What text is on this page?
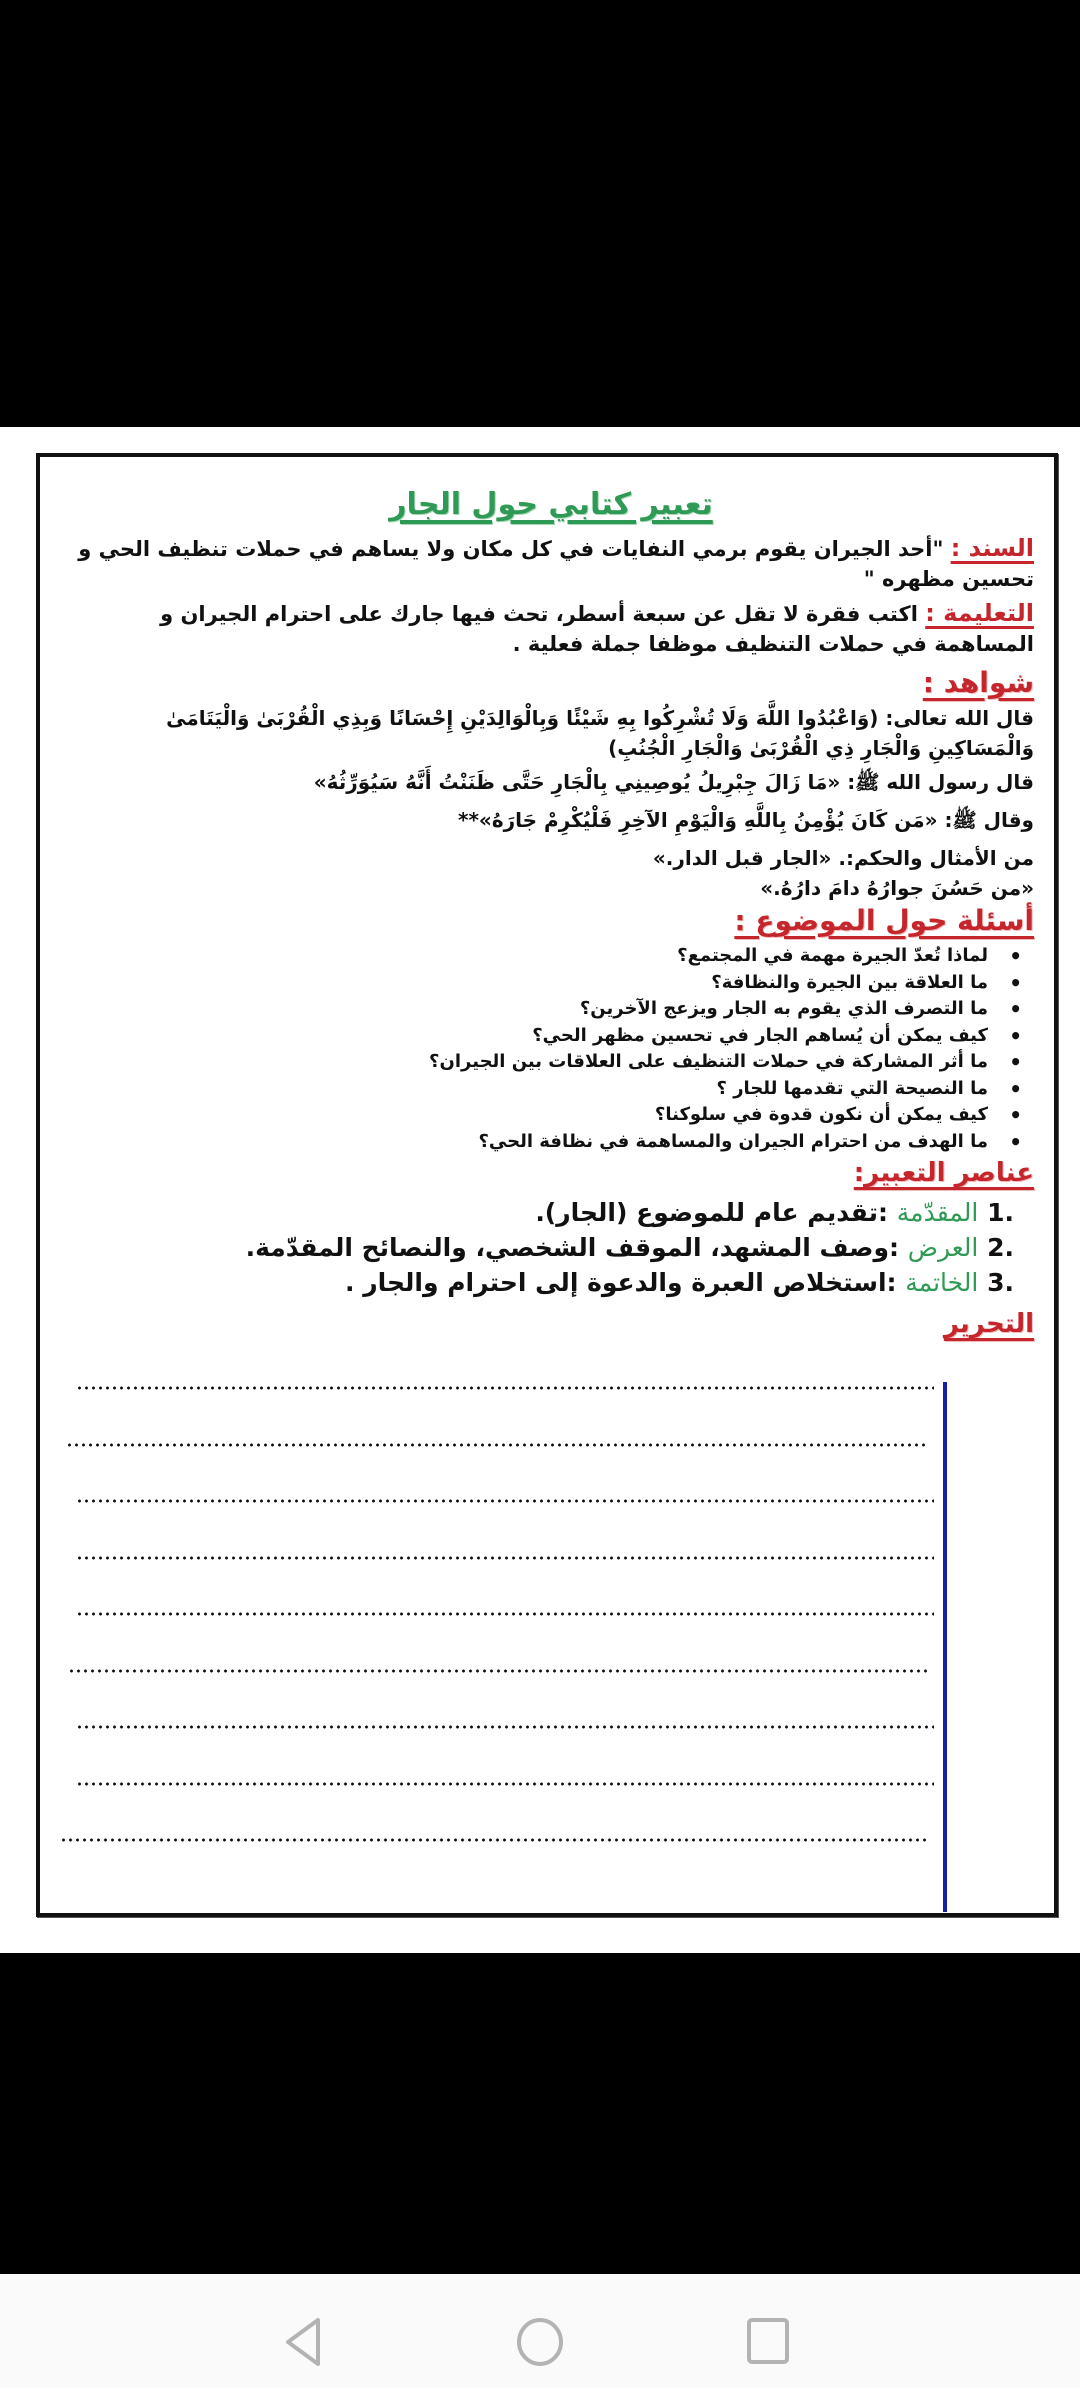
تعبير كتابي حول الجار

السند : "أحد الجيران يقوم برمي النفايات في كل مكان ولا يساهم في حملات تنظيف الحي و تحسين مظهره "

التعليمة : اكتب فقرة لا تقل عن سبعة أسطر، تحث فيها جارك على احترام الجيران و المساهمة في حملات التنظيف موظفا جملة فعلية .

شواهد :

قال الله تعالى: (وَاعْبُدُوا اللَّهَ وَلَا تُشْرِكُوا بِهِ شَيْئًا وَبِالْوَالِدَيْنِ إِحْسَانًا وَبِذِي الْقُرْبَىٰ وَالْيَتَامَىٰ وَالْمَسَاكِينِ وَالْجَارِ ذِي الْقُرْبَىٰ وَالْجَارِ الْجُنُبِ)

قال رسول الله ﷺ: «مَا زَالَ جِبْرِيلُ يُوصِينِي بِالْجَارِ حَتَّى ظَنَنْتُ أَنَّهُ سَيُوَرِّثُهُ»

وقال ﷺ: «مَن كَانَ يُؤْمِنُ بِاللَّهِ وَالْيَوْمِ الآخِرِ فَلْيُكْرِمْ جَارَهُ»**

من الأمثال والحكم:. «الجار قبل الدار.»

«من حَسُنَ جوارُهُ دامَ دارُهُ.»

أسئلة حول الموضوع :
• لماذا تُعدّ الجيرة مهمة في المجتمع؟
• ما العلاقة بين الجيرة والنظافة؟
• ما التصرف الذي يقوم به الجار ويزعج الآخرين؟
• كيف يمكن أن يُساهم الجار في تحسين مظهر الحي؟
• ما أثر المشاركة في حملات التنظيف على العلاقات بين الجيران؟
• ما النصيحة التي تقدمها للجار ؟
• كيف يمكن أن نكون قدوة في سلوكنا؟
• ما الهدف من احترام الجيران والمساهمة في نظافة الحي؟
عناصر التعبير:
1. المقدّمة :تقديم عام للموضوع (الجار).
2. العرض :وصف المشهد، الموقف الشخصي، والنصائح المقدّمة.
3. الخاتمة :استخلاص العبرة والدعوة إلى احترام والجار .
التحرير
